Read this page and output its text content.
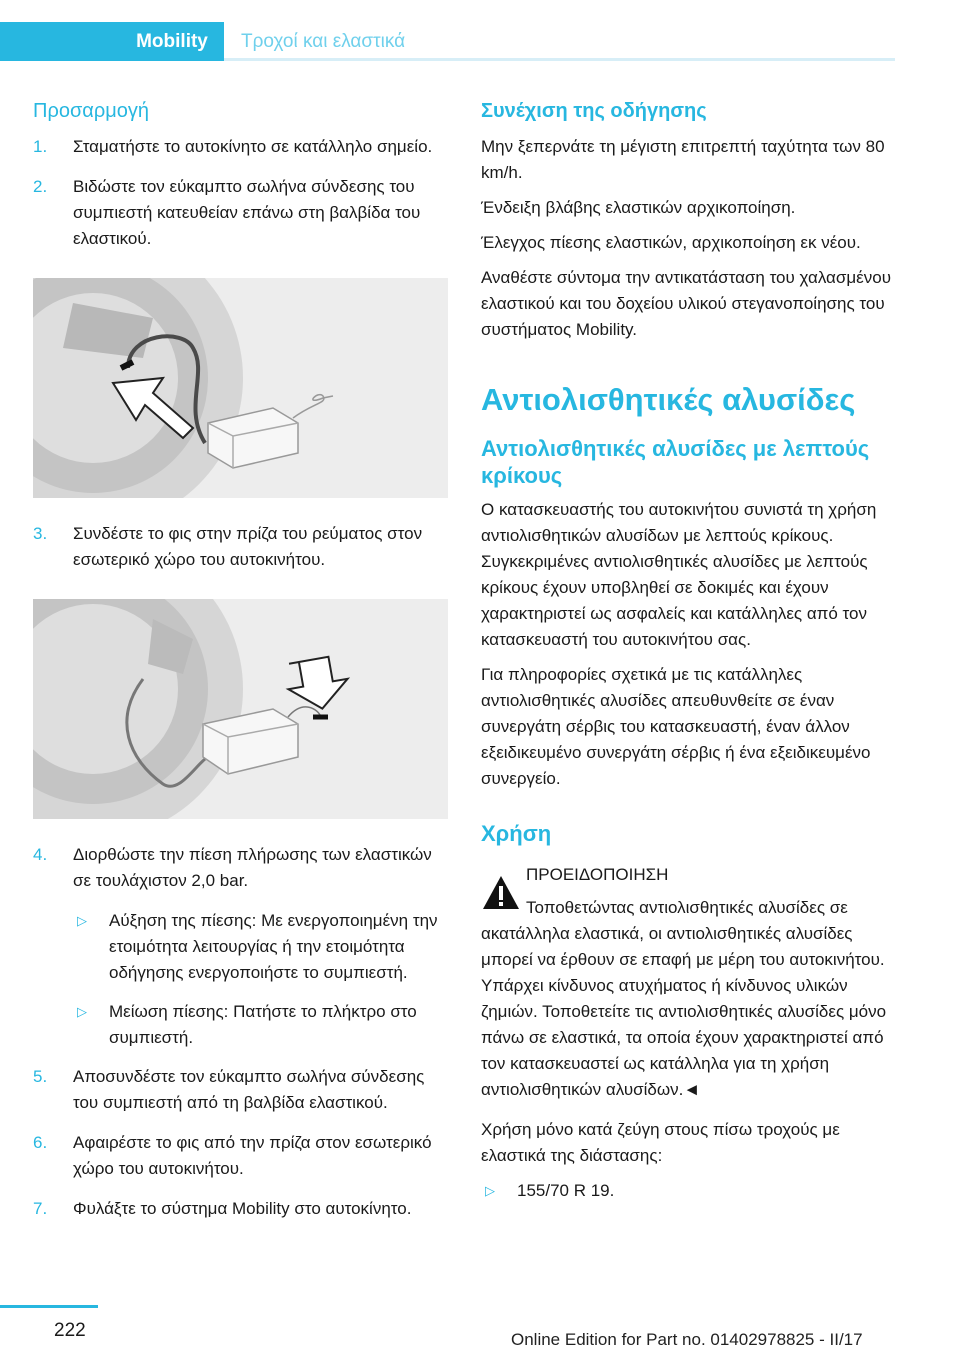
Mobility	Τροχοί και ελαστικά
Προσαρμογή
1. Σταματήστε το αυτοκίνητο σε κατάλληλο σημείο.
2. Βιδώστε τον εύκαμπτο σωλήνα σύνδεσης του συμπιεστή κατευθείαν επάνω στη βαλβίδα του ελαστικού.
3. Συνδέστε το φις στην πρίζα του ρεύματος στον εσωτερικό χώρο του αυτοκινήτου.
4. Διορθώστε την πίεση πλήρωσης των ελαστικών σε τουλάχιστον 2,0 bar.
▷ Αύξηση της πίεσης: Με ενεργοποιημένη την ετοιμότητα λειτουργίας ή την ετοιμότητα οδήγησης ενεργοποιήστε το συμπιεστή.
▷ Μείωση πίεσης: Πατήστε το πλήκτρο στο συμπιεστή.
5. Αποσυνδέστε τον εύκαμπτο σωλήνα σύνδεσης του συμπιεστή από τη βαλβίδα ελαστικού.
6. Αφαιρέστε το φις από την πρίζα στον εσωτερικό χώρο του αυτοκινήτου.
7. Φυλάξτε το σύστημα Mobility στο αυτοκίνητο.
Συνέχιση της οδήγησης

Μην ξεπερνάτε τη μέγιστη επιτρεπτή ταχύτητα των 80 km/h.

Ένδειξη βλάβης ελαστικών αρχικοποίηση.

Έλεγχος πίεσης ελαστικών, αρχικοποίηση εκ νέου.

Αναθέστε σύντομα την αντικατάσταση του χαλασμένου ελαστικού και του δοχείου υλικού στεγανοποίησης του συστήματος Mobility.

Αντιολισθητικές αλυσίδες
Αντιολισθητικές αλυσίδες με λεπτούς κρίκους

Ο κατασκευαστής του αυτοκινήτου συνιστά τη χρήση αντιολισθητικών αλυσίδων με λεπτούς κρίκους. Συγκεκριμένες αντιολισθητικές αλυσίδες με λεπτούς κρίκους έχουν υποβληθεί σε δοκιμές και έχουν χαρακτηριστεί ως ασφαλείς και κατάλληλες από τον κατασκευαστή του αυτοκινήτου σας.

Για πληροφορίες σχετικά με τις κατάλληλες αντιολισθητικές αλυσίδες απευθυνθείτε σε έναν συνεργάτη σέρβις του κατασκευαστή, έναν άλλον εξειδικευμένο συνεργάτη σέρβις ή ένα εξειδικευμένο συνεργείο.

Χρήση

ΠΡΟΕΙΔΟΠΟΙΗΣΗ

Τοποθετώντας αντιολισθητικές αλυσίδες σε ακατάλληλα ελαστικά, οι αντιολισθητικές αλυσίδες μπορεί να έρθουν σε επαφή με μέρη του αυτοκινήτου. Υπάρχει κίνδυνος ατυχήματος ή κίνδυνος υλικών ζημιών. Τοποθετείτε τις αντιολισθητικές αλυσίδες μόνο πάνω σε ελαστικά, τα οποία έχουν χαρακτηριστεί από τον κατασκευαστεί ως κατάλληλα για τη χρήση αντιολισθητικών αλυσίδων.◄

Χρήση μόνο κατά ζεύγη στους πίσω τροχούς με ελαστικά της διάστασης:

▷ 155/70 R 19.
222	Online Edition for Part no. 01402978825 - II/17
